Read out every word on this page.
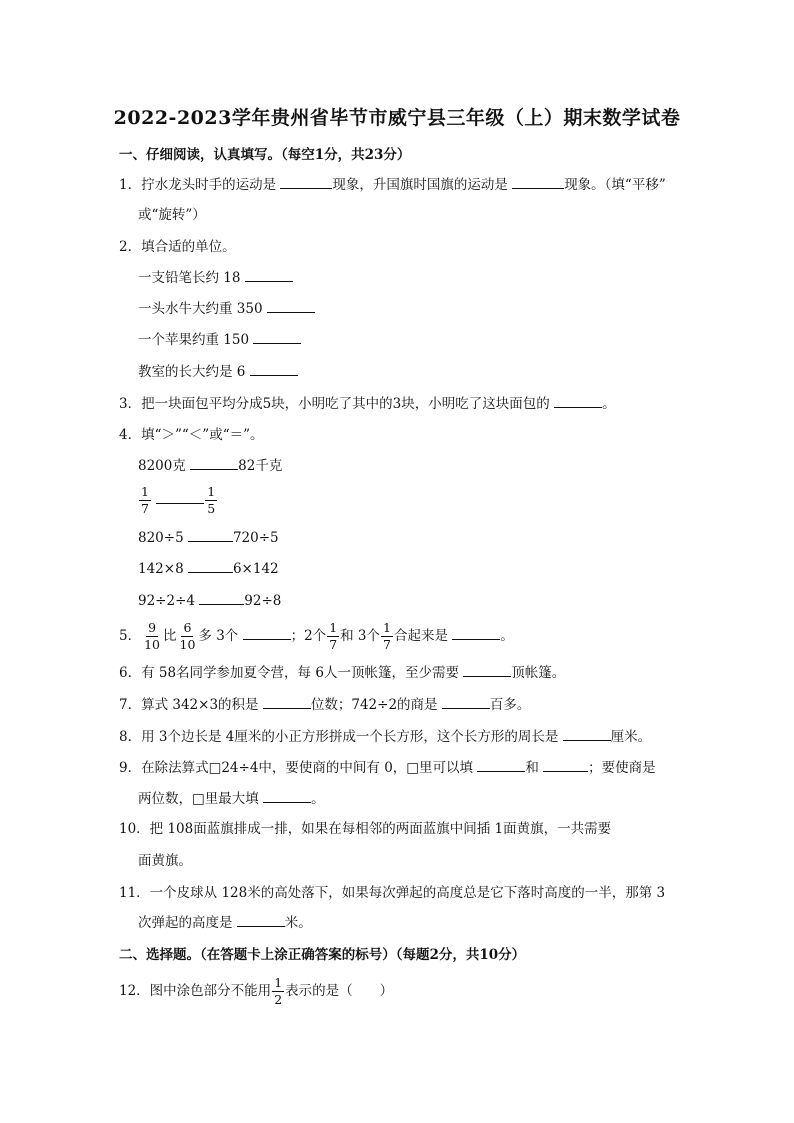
2022-2023学年贵州省毕节市威宁县三年级（上）期末数学试卷
一、仔细阅读，认真填写。（每空1分，共23分）
1．拧水龙头时手的运动是	现象，升国旗时国旗的运动是	现象。（填“平移”
或“旋转”）
2．填合适的单位。
一支铅笔长约 18
一头水牛大约重 350
一个苹果约重 150
教室的长大约是 6
3．把一块面包平均分成5块，小明吃了其中的3块，小明吃了这块面包的	。
4．填“＞”“＜”或“＝”。
8200克	82千克
$\frac{1}{7}$
	$\frac{1}{5}$
820÷5	720÷5
142×8	6×142
92÷2÷4	92÷8
5． $\frac{9}{10}$ 比 $\frac{6}{10}$ 多 3个	；2个 $\frac{1}{7}$ 和 3个 $\frac{1}{7}$ 合起来是	。
6．有 58名同学参加夏令营，每 6人一顶帐篷，至少需要	顶帐篷。
7．算式 342×3的积是	位数；742÷2的商是	百多。
8．用 3个边长是 4厘米的小正方形拼成一个长方形，这个长方形的周长是	厘米。
9．在除法算式□24÷4中，要使商的中间有 0，□里可以填	和	；要使商是
两位数，□里最大填	。
10．把 108面蓝旗排成一排，如果在每相邻的两面蓝旗中间插 1面黄旗，一共需要
面黄旗。
11．一个皮球从 128米的高处落下，如果每次弹起的高度总是它下落时高度的一半，那第 3
次弹起的高度是	米。
二、选择题。（在答题卡上涂正确答案的标号）（每题2分，共10分）
12．图中涂色部分不能用 $\frac{1}{2}$ 表示的是（　　）
